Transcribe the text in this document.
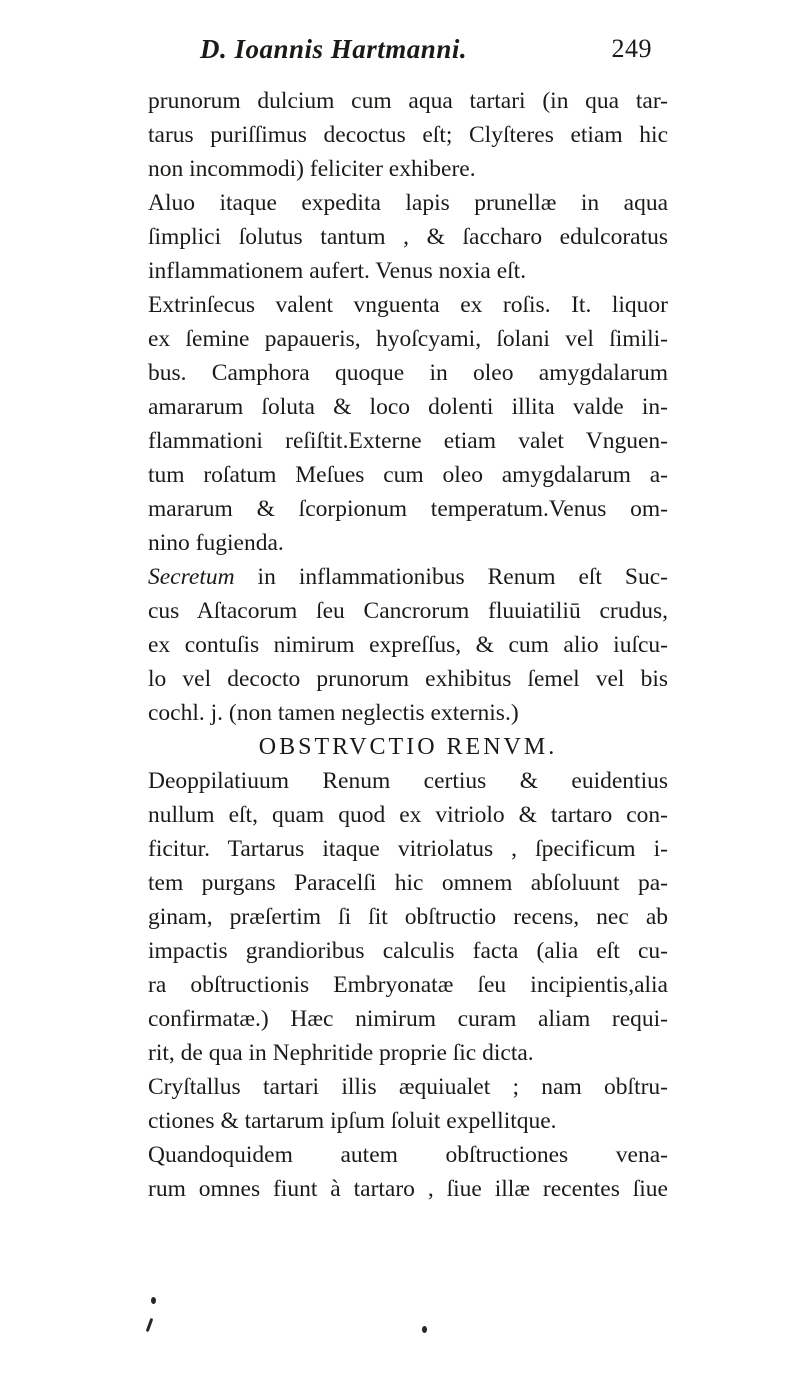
D. Ioannis Hartmanni.	249
prunorum dulcium cum aqua tartari (in qua tar-
tarus puriſſimus decoctus eſt; Clyſteres etiam hic
non incommodi) feliciter exhibere.
Aluo itaque expedita lapis prunellæ in aqua
ſimplici ſolutus tantum , & ſaccharo edulcoratus
inflammationem aufert. Venus noxia eſt.
Extrinſecus valent vnguenta ex roſis. It. liquor
ex ſemine papaueris, hyoſcyami, ſolani vel ſimili-
bus. Camphora quoque in oleo amygdalarum
amararum ſoluta & loco dolenti illita valde in-
flammationi reſiſtit.Externe etiam valet Vnguen-
tum roſatum Meſues cum oleo amygdalarum a-
mararum & ſcorpionum temperatum.Venus om-
nino fugienda.
Secretum in inflammationibus Renum eſt Suc-
cus Aſtacorum ſeu Cancrorum fluuiatiliū crudus,
ex contuſis nimirum expreſſus, & cum alio iuſcu-
lo vel decocto prunorum exhibitus ſemel vel bis
cochl. j. (non tamen neglectis externis.)
OBSTRVCTIO RENVM.
Deoppilatiuum Renum certius & euidentius
nullum eſt, quam quod ex vitriolo & tartaro con-
ficitur. Tartarus itaque vitriolatus , ſpecificum i-
tem purgans Paracelſi hic omnem abſoluunt pa-
ginam, præſertim ſi ſit obſtructio recens, nec ab
impactis grandioribus calculis facta (alia eſt cu-
ra obſtructionis Embryonatæ ſeu incipientis,alia
confirmatæ.) Hæc nimirum curam aliam requi-
rit, de qua in Nephritide proprie ſic dicta.
Cryſtallus tartari illis æquiualet ; nam obſtru-
ctiones & tartarum ipſum ſoluit expellitque.
Quandoquidem autem obſtructiones vena-
rum omnes fiunt à tartaro , ſiue illæ recentes ſiue
